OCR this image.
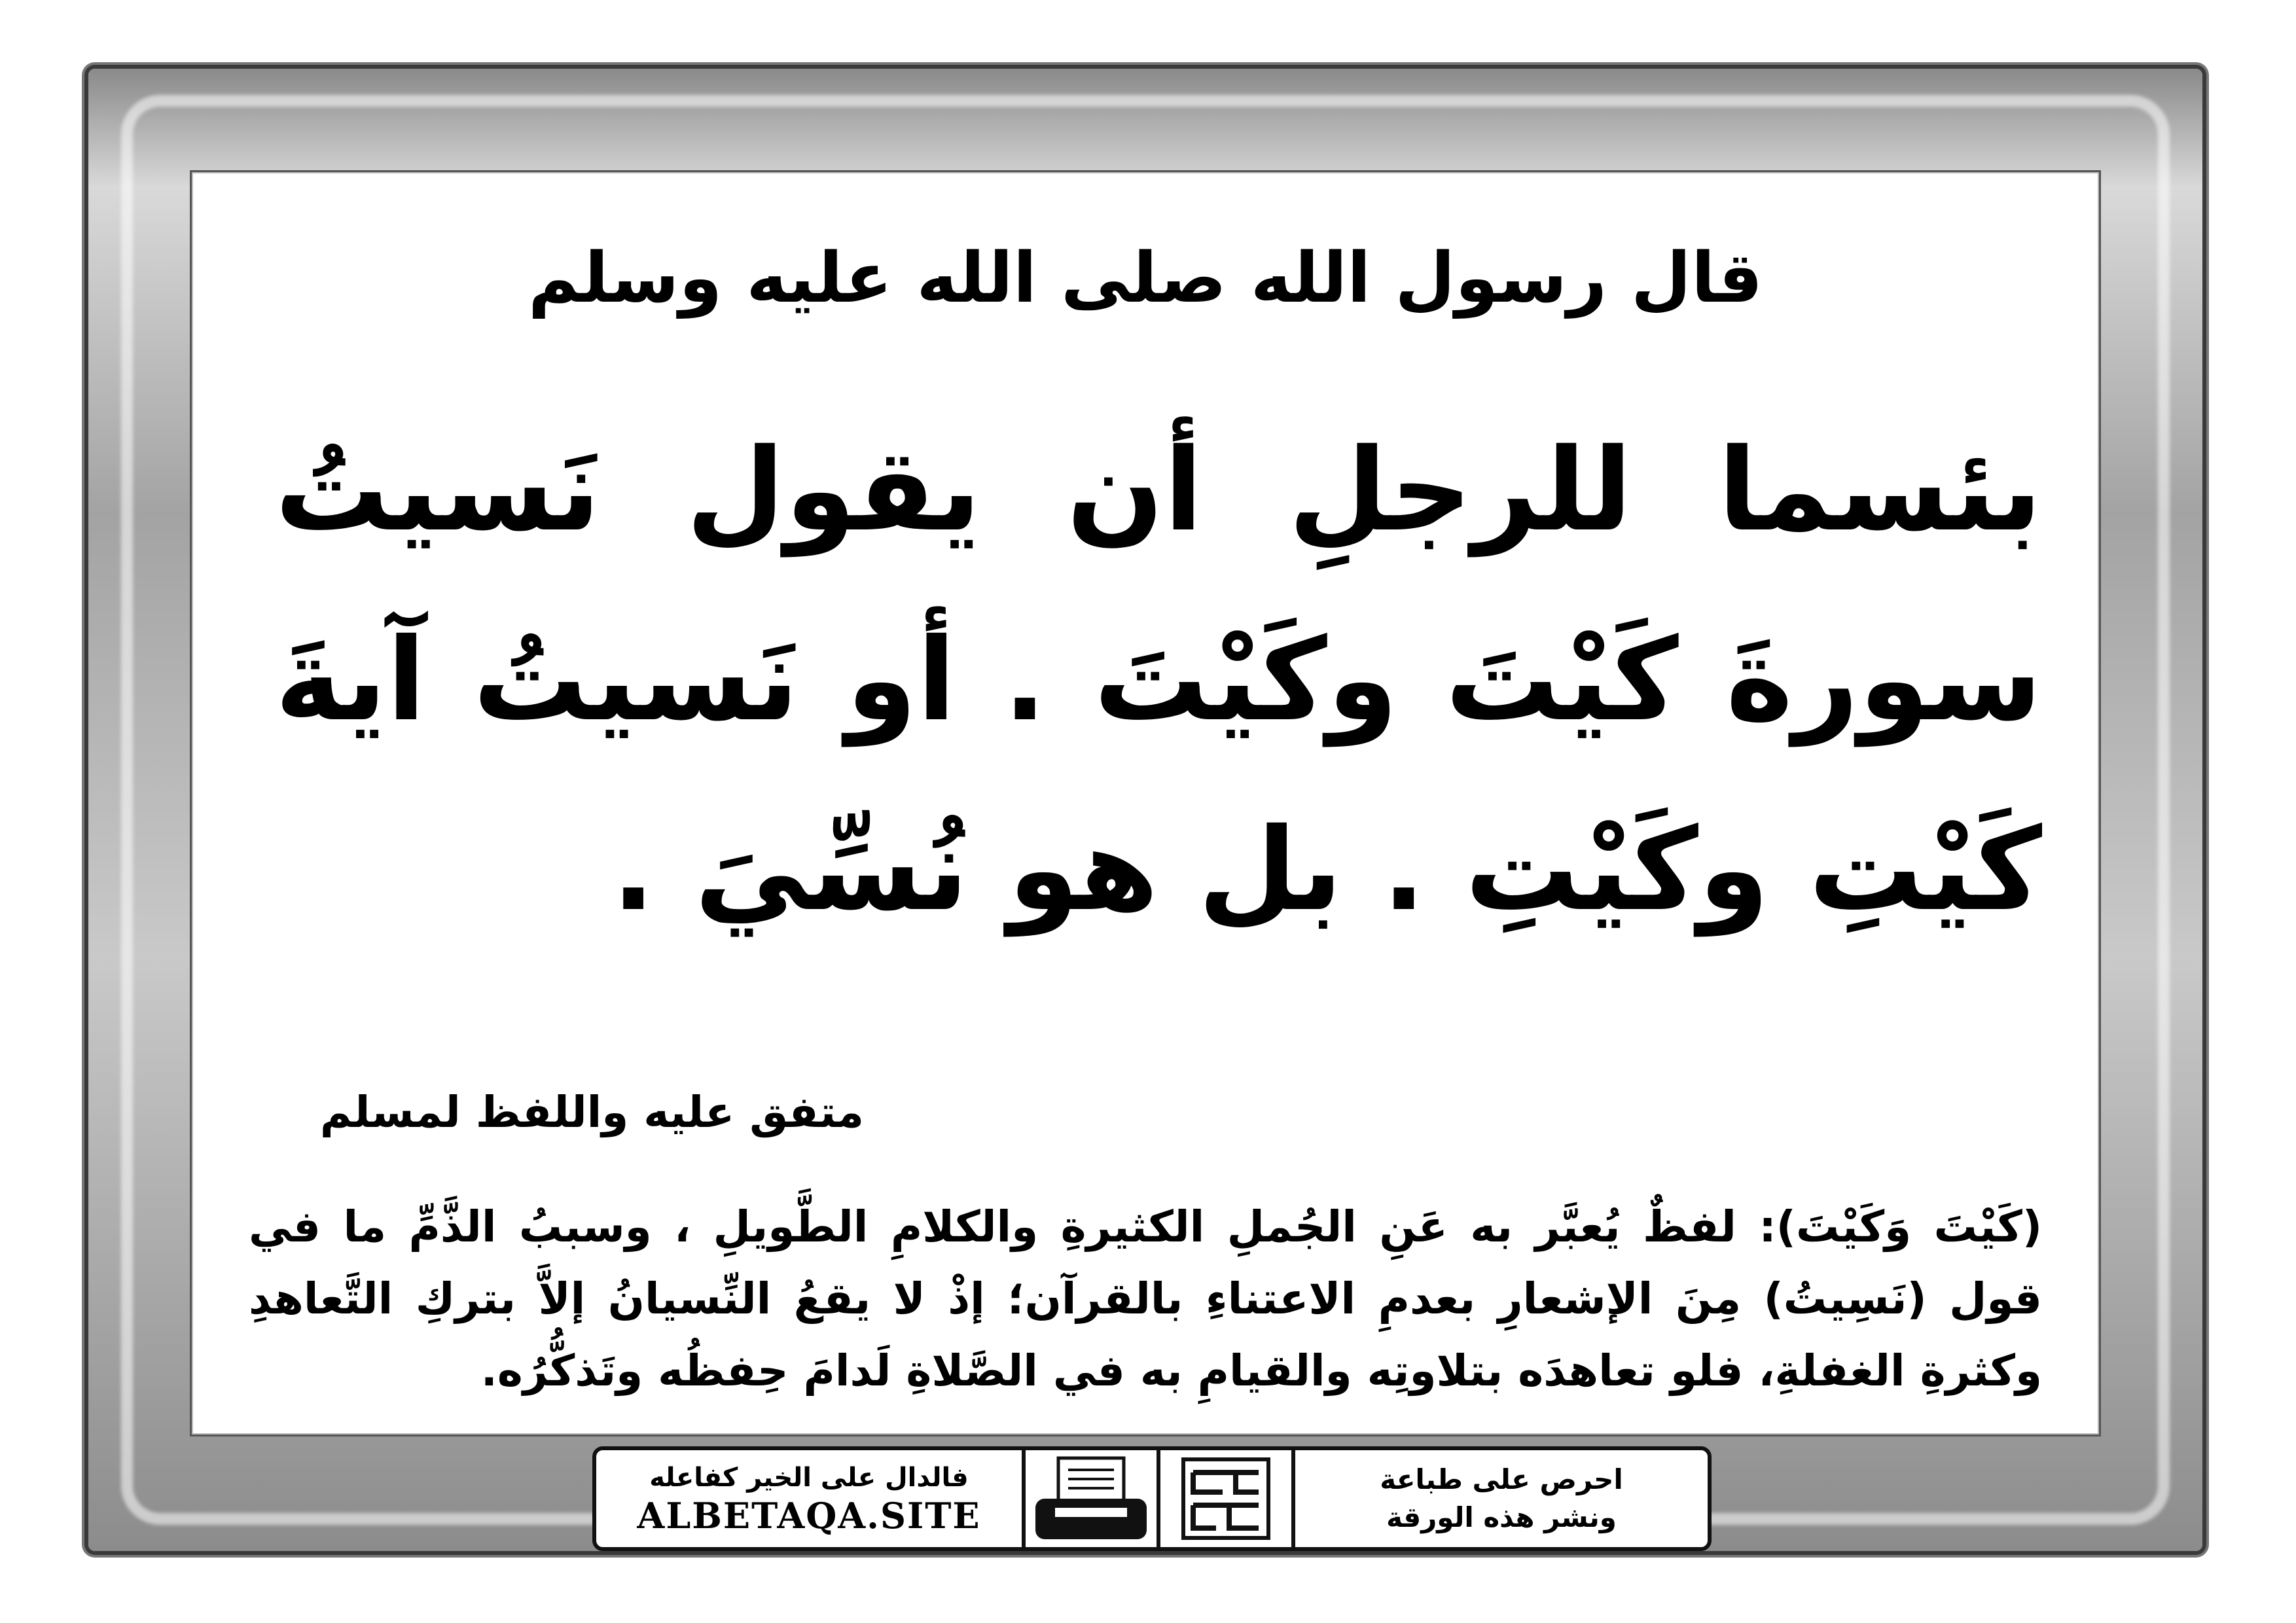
قال رسول الله صلى الله عليه وسلم
بئسما للرجلِ أن يقول نَسيتُ سورةَ كَيْتَ وكَيْتَ . أو نَسيتُ آيةَ كَيْتِ وكَيْتِ . بل هو نُسِّيَ .
متفق عليه واللفظ لمسلم
(كَيْتَ وَكَيْتَ): لفظٌ يُعبَّر به عَنِ الجُملِ الكثيرةِ والكلامِ الطَّويلِ ، وسببُ الذَّمِّ ما في قول (نَسِيتُ) مِنَ الإشعارِ بعدمِ الاعتناءِ بالقرآن؛ إذْ لا يقعُ النِّسيانُ إلاَّ بتركِ التَّعاهدِ وكثرةِ الغفلةِ، فلو تعاهدَه بتلاوتِه والقيامِ به في الصَّلاةِ لَدامَ حِفظُه وتَذكُّرُه.
فالدال على الخير كفاعله
ALBETAQA.SITE
احرص على طباعة
ونشر هذه الورقة
